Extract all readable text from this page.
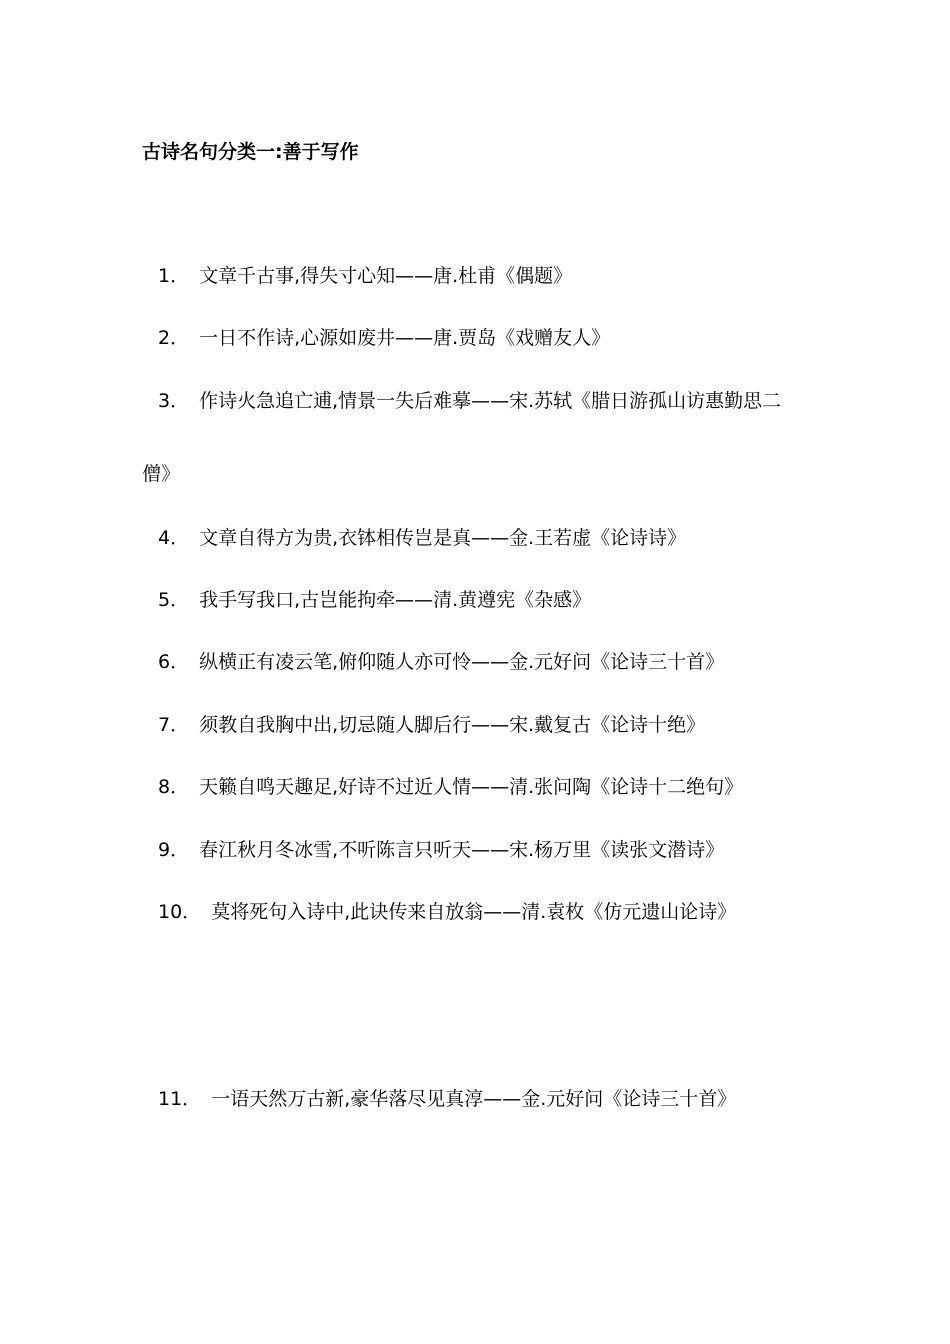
古诗名句分类一:善于写作
1． 文章千古事,得失寸心知——唐.杜甫《偶题》
2． 一日不作诗,心源如废井——唐.贾岛《戏赠友人》
3． 作诗火急追亡逋,情景一失后难摹——宋.苏轼《腊日游孤山访惠勤思二
僧》
4． 文章自得方为贵,衣钵相传岂是真——金.王若虚《论诗诗》
5． 我手写我口,古岂能拘牵——清.黄遵宪《杂感》
6． 纵横正有凌云笔,俯仰随人亦可怜——金.元好问《论诗三十首》
7． 须教自我胸中出,切忌随人脚后行——宋.戴复古《论诗十绝》
8． 天籁自鸣天趣足,好诗不过近人情——清.张问陶《论诗十二绝句》
9． 春江秋月冬冰雪,不听陈言只听天——宋.杨万里《读张文潜诗》
10． 莫将死句入诗中,此诀传来自放翁——清.袁枚《仿元遗山论诗》
11． 一语天然万古新,豪华落尽见真淳——金.元好问《论诗三十首》
